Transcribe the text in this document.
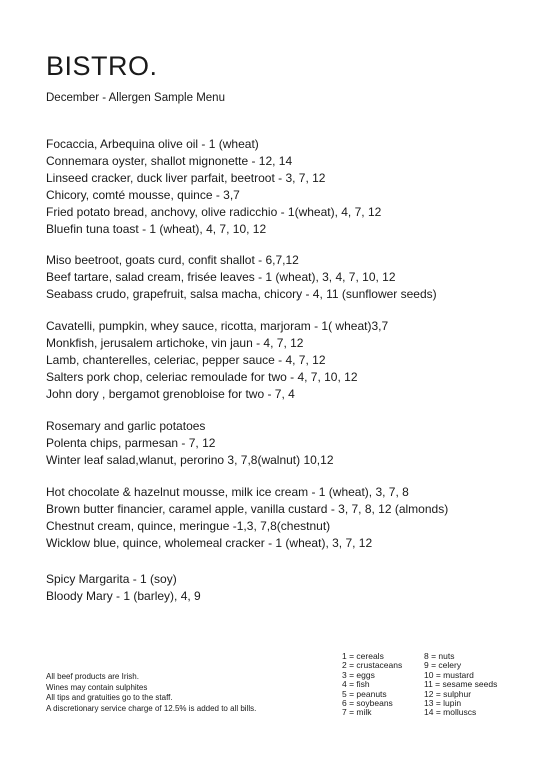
BISTRO.
December - Allergen Sample Menu
Focaccia, Arbequina olive oil - 1 (wheat)
Connemara oyster, shallot mignonette - 12, 14
Linseed cracker, duck liver parfait, beetroot - 3, 7, 12
Chicory, comté mousse, quince - 3,7
Fried potato bread, anchovy, olive radicchio - 1(wheat), 4, 7, 12
Bluefin tuna toast - 1 (wheat), 4, 7, 10, 12
Miso beetroot, goats curd, confit shallot - 6,7,12
Beef tartare, salad cream, frisée leaves - 1 (wheat), 3, 4, 7, 10, 12
Seabass crudo, grapefruit, salsa macha, chicory - 4, 11 (sunflower seeds)
Cavatelli, pumpkin, whey sauce, ricotta, marjoram - 1( wheat)3,7
Monkfish, jerusalem artichoke, vin jaun - 4, 7, 12
Lamb, chanterelles, celeriac, pepper sauce - 4, 7, 12
Salters pork chop, celeriac remoulade for two - 4, 7, 10, 12
John dory , bergamot grenobloise for two - 7, 4
Rosemary and garlic potatoes
Polenta chips, parmesan - 7, 12
Winter leaf salad,wlanut, perorino 3, 7,8(walnut) 10,12
Hot chocolate & hazelnut mousse, milk ice cream - 1 (wheat), 3, 7, 8
Brown butter financier, caramel apple, vanilla custard - 3, 7, 8, 12 (almonds)
Chestnut cream, quince, meringue -1,3, 7,8(chestnut)
Wicklow blue, quince, wholemeal cracker - 1 (wheat), 3, 7, 12
Spicy Margarita - 1 (soy)
Bloody Mary - 1 (barley), 4, 9
All beef products are Irish.
Wines may contain sulphites
All tips and gratuities go to the staff.
A discretionary service charge of 12.5% is added to all bills.
1 = cereals
2 = crustaceans
3 = eggs
4 = fish
5 = peanuts
6 = soybeans
7 = milk
8 = nuts
9 = celery
10 = mustard
11 = sesame seeds
12 = sulphur
13 = lupin
14 = molluscs
